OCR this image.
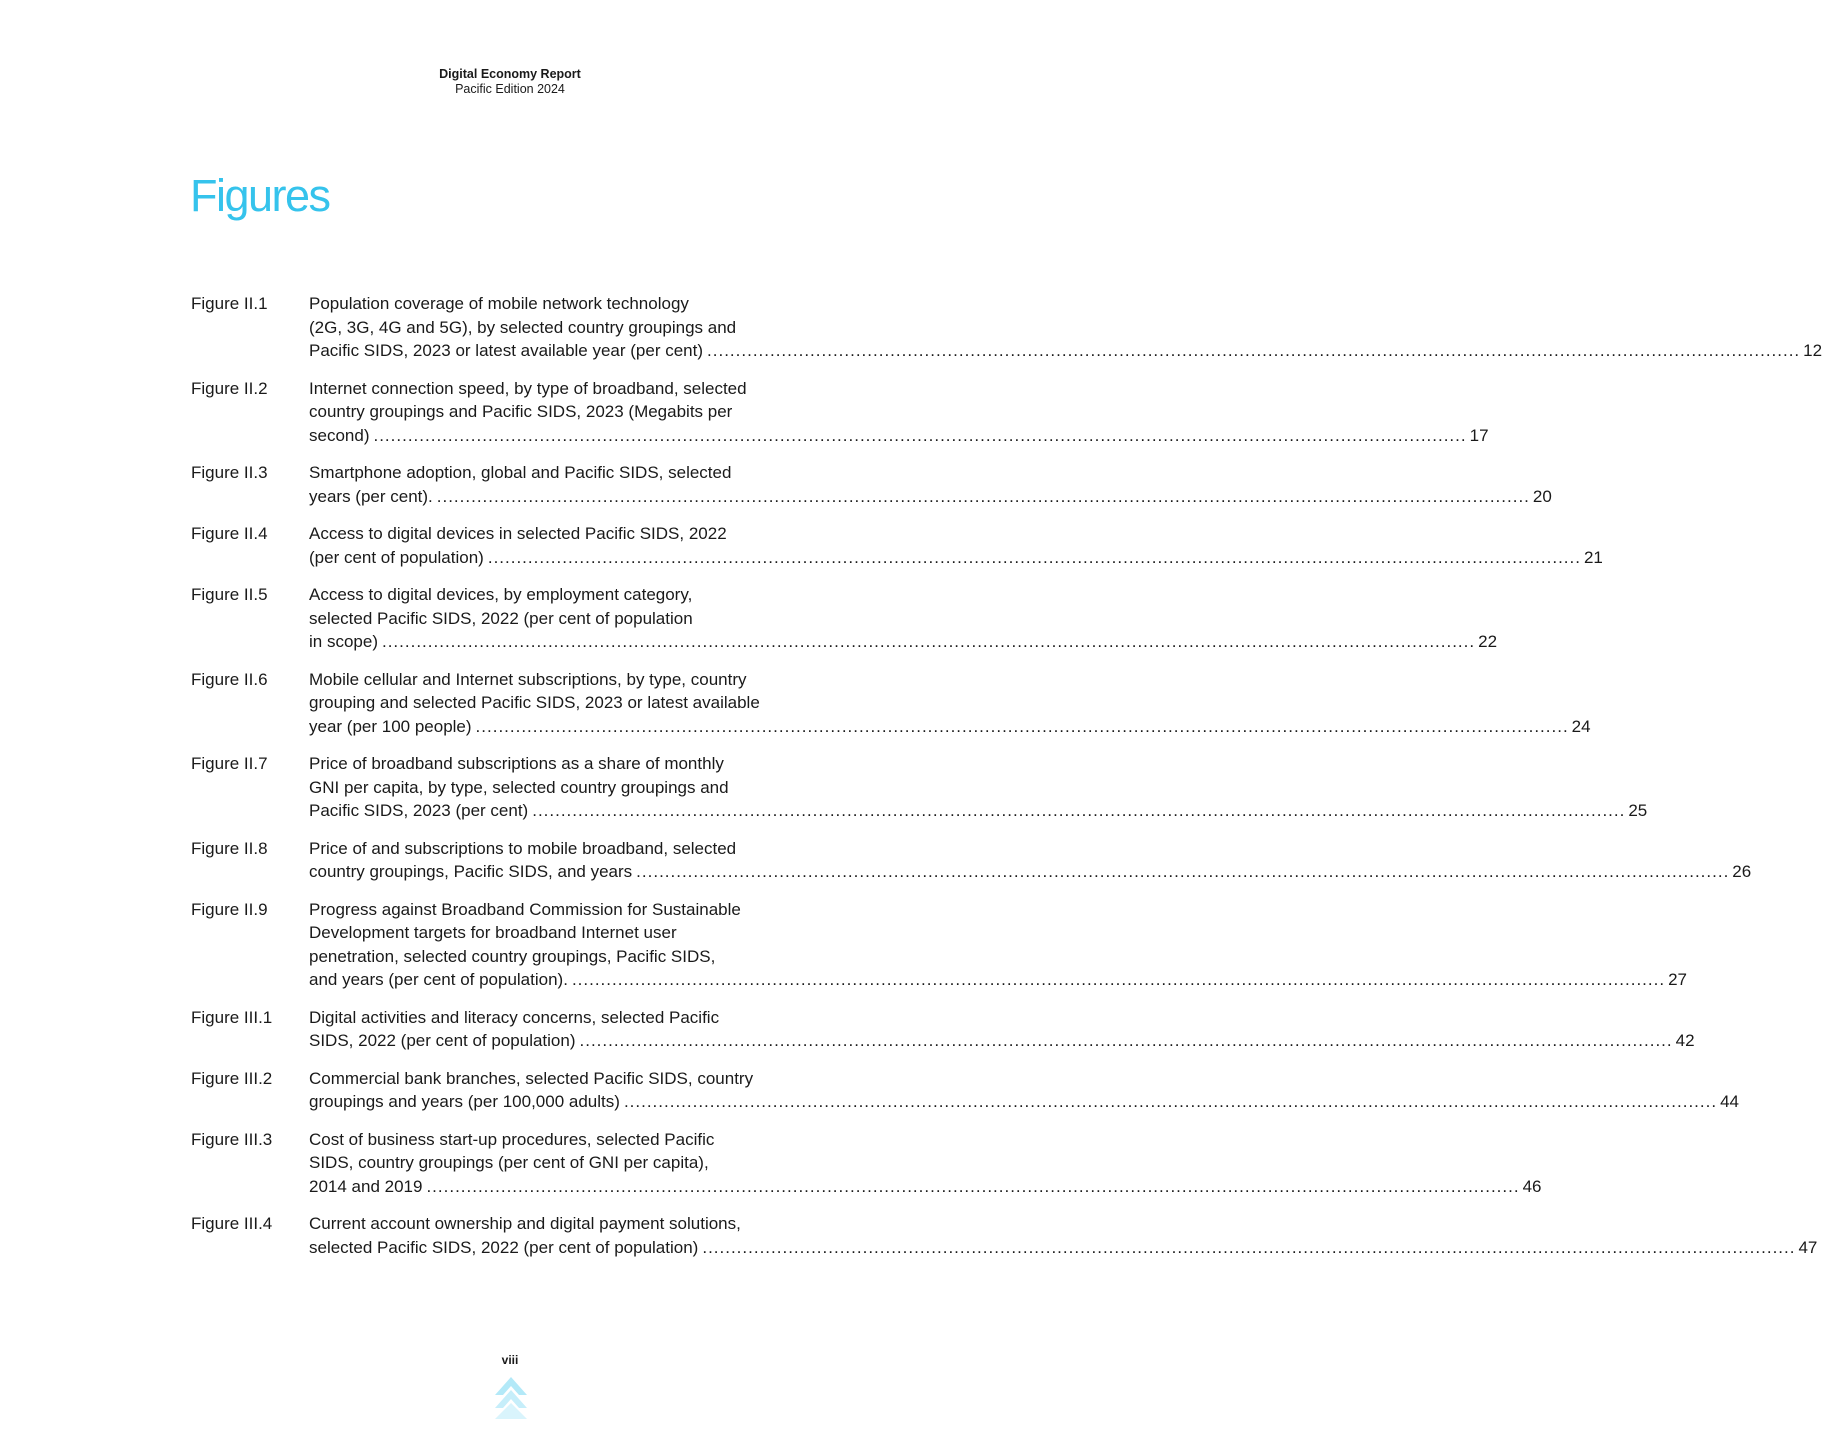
Digital Economy Report
Pacific Edition 2024
Figures
Figure II.1	Population coverage of mobile network technology
(2G, 3G, 4G and 5G), by selected country groupings and
Pacific SIDS, 2023 or latest available year (per cent) .....	12
Figure II.2	Internet connection speed, by type of broadband, selected
country groupings and Pacific SIDS, 2023 (Megabits per
second) .....	17
Figure II.3	Smartphone adoption, global and Pacific SIDS, selected
years (per cent). .....	20
Figure II.4	Access to digital devices in selected Pacific SIDS, 2022
(per cent of population) .....	21
Figure II.5	Access to digital devices, by employment category,
selected Pacific SIDS, 2022 (per cent of population
in scope) .....	22
Figure II.6	Mobile cellular and Internet subscriptions, by type, country
grouping and selected Pacific SIDS, 2023 or latest available
year (per 100 people) .....	24
Figure II.7	Price of broadband subscriptions as a share of monthly
GNI per capita, by type, selected country groupings and
Pacific SIDS, 2023 (per cent) .....	25
Figure II.8	Price of and subscriptions to mobile broadband, selected
country groupings, Pacific SIDS, and years .....	26
Figure II.9	Progress against Broadband Commission for Sustainable
Development targets for broadband Internet user
penetration, selected country groupings, Pacific SIDS,
and years (per cent of population). .....	27
Figure III.1	Digital activities and literacy concerns, selected Pacific
SIDS, 2022 (per cent of population) .....	42
Figure III.2	Commercial bank branches, selected Pacific SIDS, country
groupings and years (per 100,000 adults) .....	44
Figure III.3	Cost of business start-up procedures, selected Pacific
SIDS, country groupings (per cent of GNI per capita),
2014 and 2019 .....	46
Figure III.4	Current account ownership and digital payment solutions,
selected Pacific SIDS, 2022 (per cent of population) .....	47
viii
